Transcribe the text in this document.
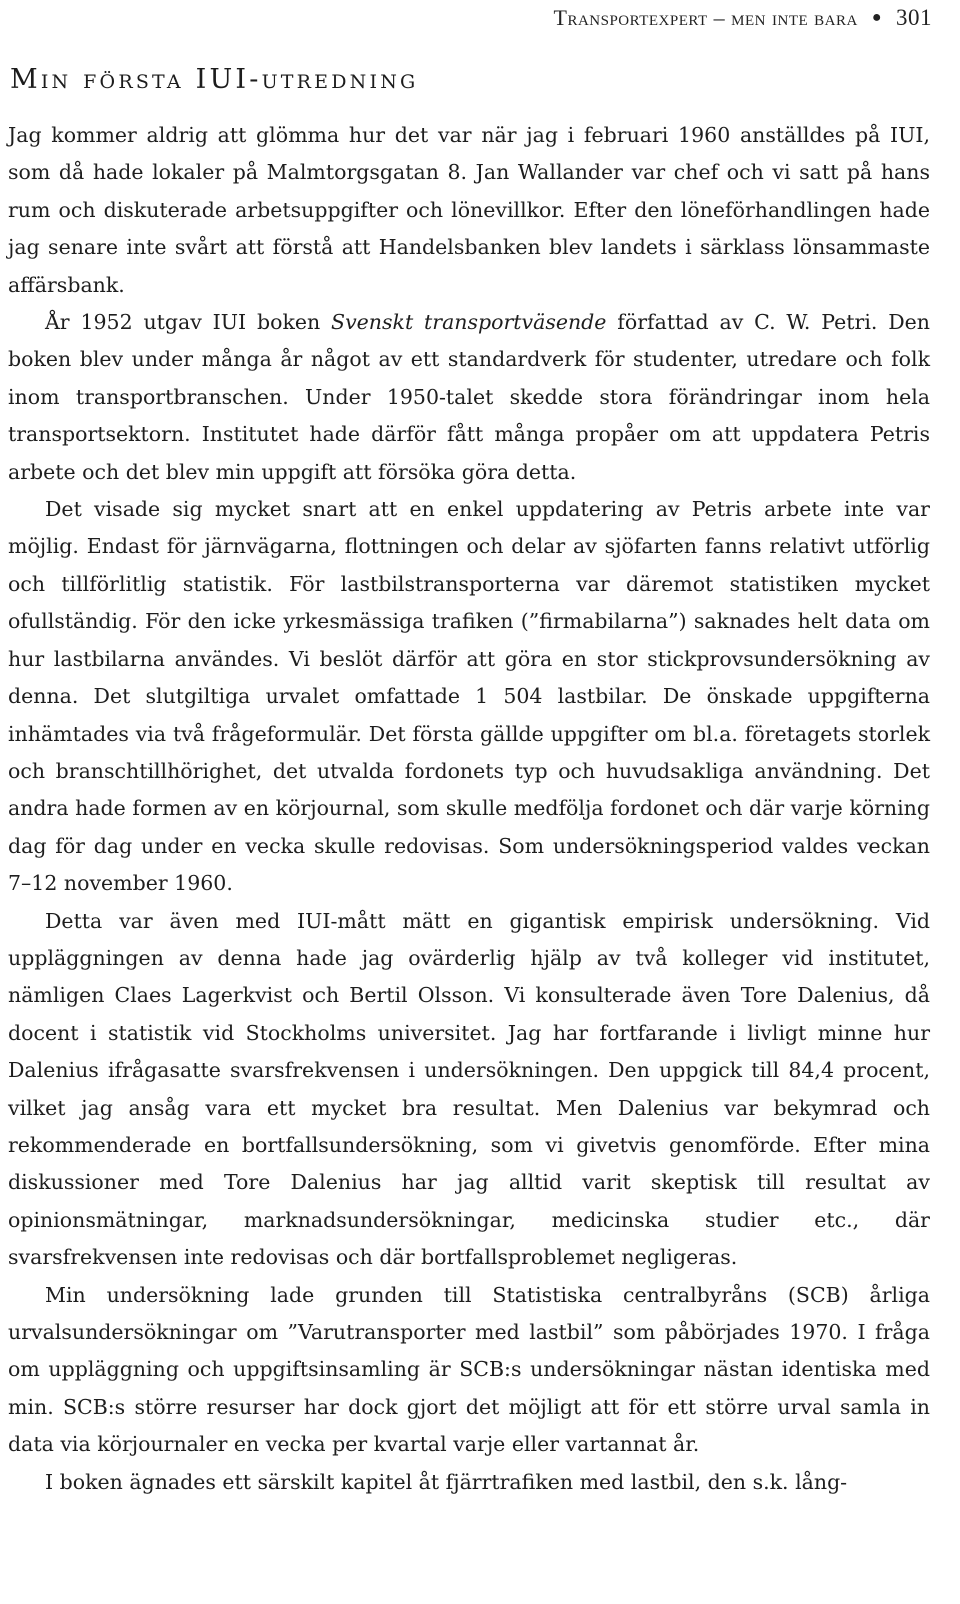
Transportexpert – men inte bara ● 301
Min första IUI-utredning

Jag kommer aldrig att glömma hur det var när jag i februari 1960 anställdes på IUI, som då hade lokaler på Malmtorgsgatan 8. Jan Wallander var chef och vi satt på hans rum och diskuterade arbetsuppgifter och lönevillkor. Efter den löneförhandlingen hade jag senare inte svårt att förstå att Handelsbanken blev landets i särklass lönsammaste affärsbank.

År 1952 utgav IUI boken Svenskt transportväsende författad av C. W. Petri. Den boken blev under många år något av ett standardverk för studenter, utredare och folk inom transportbranschen. Under 1950-talet skedde stora förändringar inom hela transportsektorn. Institutet hade därför fått många propåer om att uppdatera Petris arbete och det blev min uppgift att försöka göra detta.

Det visade sig mycket snart att en enkel uppdatering av Petris arbete inte var möjlig. Endast för järnvägarna, flottningen och delar av sjöfarten fanns relativt utförlig och tillförlitlig statistik. För lastbilstransporterna var däremot statistiken mycket ofullständig. För den icke yrkesmässiga trafiken (”firmabilarna”) saknades helt data om hur lastbilarna användes. Vi beslöt därför att göra en stor stickprovsundersökning av denna. Det slutgiltiga urvalet omfattade 1 504 lastbilar. De önskade uppgifterna inhämtades via två frågeformulär. Det första gällde uppgifter om bl.a. företagets storlek och branschtillhörighet, det utvalda fordonets typ och huvudsakliga användning. Det andra hade formen av en körjournal, som skulle medfölja fordonet och där varje körning dag för dag under en vecka skulle redovisas. Som undersökningsperiod valdes veckan 7–12 november 1960.

Detta var även med IUI-mått mätt en gigantisk empirisk undersökning. Vid uppläggningen av denna hade jag ovärderlig hjälp av två kolleger vid institutet, nämligen Claes Lagerkvist och Bertil Olsson. Vi konsulterade även Tore Dalenius, då docent i statistik vid Stockholms universitet. Jag har fortfarande i livligt minne hur Dalenius ifrågasatte svarsfrekvensen i undersökningen. Den uppgick till 84,4 procent, vilket jag ansåg vara ett mycket bra resultat. Men Dalenius var bekymrad och rekommenderade en bortfallsundersökning, som vi givetvis genomförde. Efter mina diskussioner med Tore Dalenius har jag alltid varit skeptisk till resultat av opinionsmätningar, marknadsundersökningar, medicinska studier etc., där svarsfrekvensen inte redovisas och där bortfallsproblemet negligeras.

Min undersökning lade grunden till Statistiska centralbyråns (SCB) årliga urvalsundersökningar om ”Varutransporter med lastbil” som påbörjades 1970. I fråga om uppläggning och uppgiftsinsamling är SCB:s undersökningar nästan identiska med min. SCB:s större resurser har dock gjort det möjligt att för ett större urval samla in data via körjournaler en vecka per kvartal varje eller vartannat år.

I boken ägnades ett särskilt kapitel åt fjärrtrafiken med lastbil, den s.k. lång-
